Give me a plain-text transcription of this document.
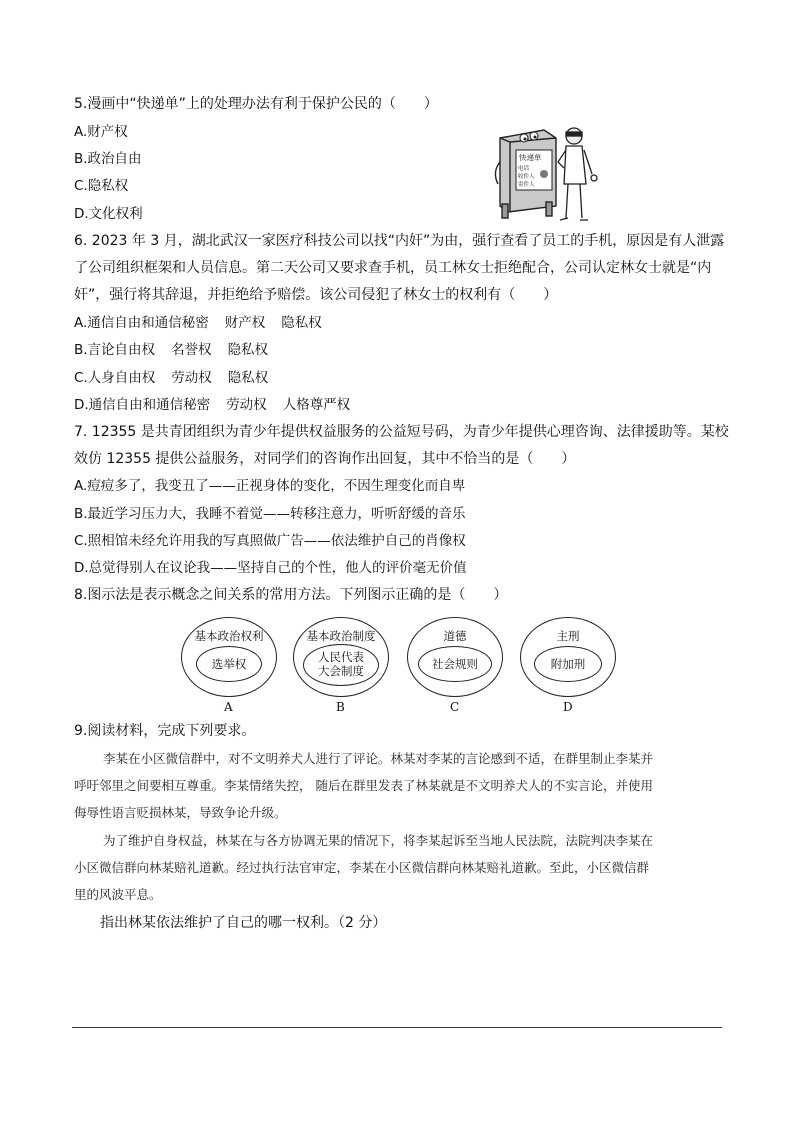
5.漫画中“快递单”上的处理办法有利于保护公民的（　　）
A.财产权
B.政治自由
C.隐私权
D.文化权利
快递单
电话
收件人
寄件人
6. 2023 年 3 月，湖北武汉一家医疗科技公司以找“内奸”为由，强行查看了员工的手机，原因是有人泄露
了公司组织框架和人员信息。第二天公司又要求查手机，员工林女士拒绝配合，公司认定林女士就是“内
奸”，强行将其辞退，并拒绝给予赔偿。该公司侵犯了林女士的权利有（　　）
A.通信自由和通信秘密 财产权 隐私权
B.言论自由权 名誉权 隐私权
C.人身自由权 劳动权 隐私权
D.通信自由和通信秘密 劳动权 人格尊严权
7. 12355 是共青团组织为青少年提供权益服务的公益短号码，为青少年提供心理咨询、法律援助等。某校
效仿 12355 提供公益服务，对同学们的咨询作出回复，其中不恰当的是（　　）
A.痘痘多了，我变丑了——正视身体的变化，不因生理变化而自卑
B.最近学习压力大，我睡不着觉——转移注意力，听听舒缓的音乐
C.照相馆未经允许用我的写真照做广告——依法维护自己的肖像权
D.总觉得别人在议论我——坚持自己的个性，他人的评价毫无价值
8.图示法是表示概念之间关系的常用方法。下列图示正确的是（　　）
基本政治权利
选举权
A
基本政治制度
人民代表
大会制度
B
道德
社会规则
C
主刑
附加刑
D
9.阅读材料，完成下列要求。
李某在小区微信群中，对不文明养犬人进行了评论。林某对李某的言论感到不适，在群里制止李某并
呼吁邻里之间要相互尊重。李某情绪失控， 随后在群里发表了林某就是不文明养犬人的不实言论，并使用
侮辱性语言贬损林某，导致争论升级。
为了维护自身权益，林某在与各方协调无果的情况下，将李某起诉至当地人民法院，法院判决李某在
小区微信群向林某赔礼道歉。经过执行法官审定，李某在小区微信群向林某赔礼道歉。至此，小区微信群
里的风波平息。
指出林某依法维护了自己的哪一权利。（2 分）
